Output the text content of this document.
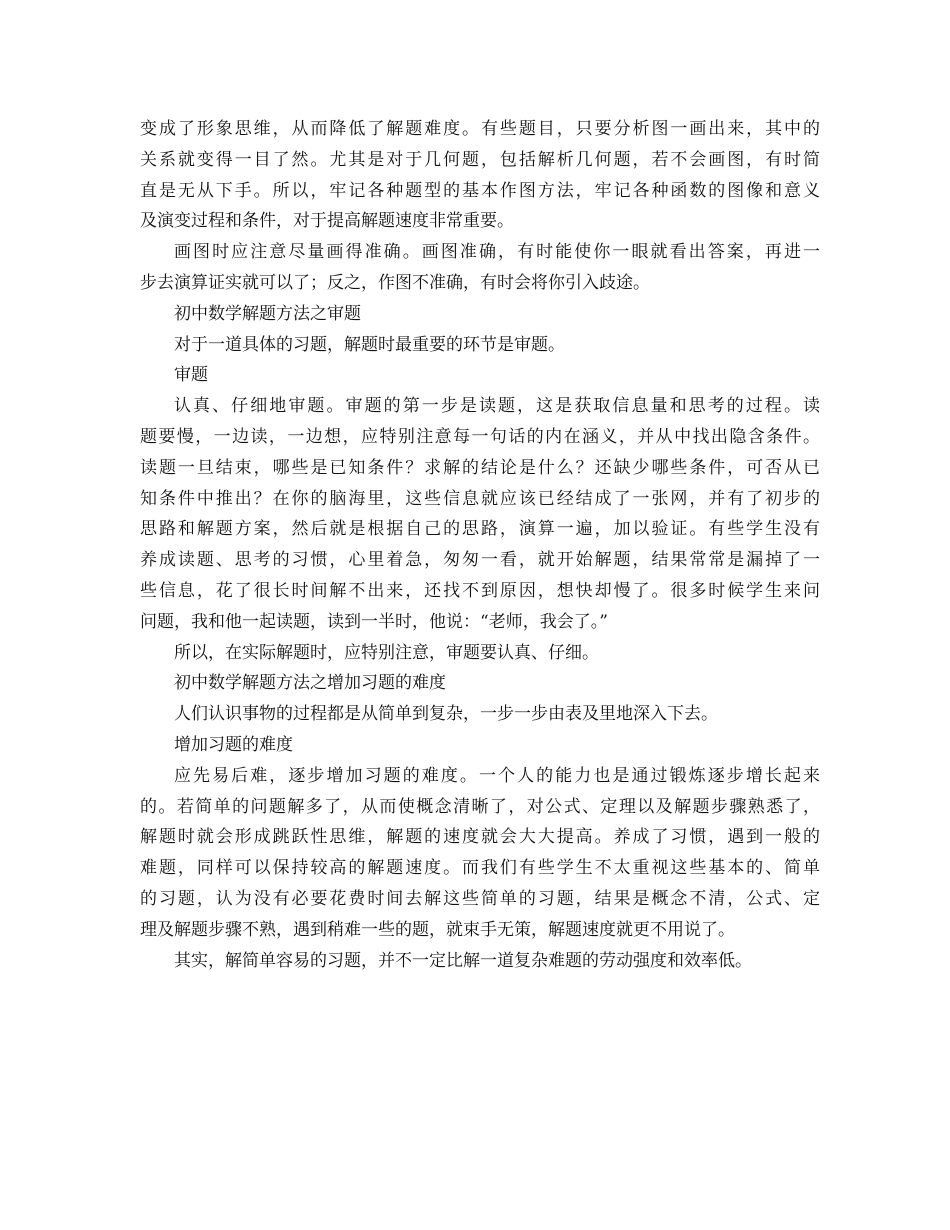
变成了形象思维，从而降低了解题难度。有些题目，只要分析图一画出来，其中的

关系就变得一目了然。尤其是对于几何题，包括解析几何题，若不会画图，有时简

直是无从下手。所以，牢记各种题型的基本作图方法，牢记各种函数的图像和意义

及演变过程和条件，对于提高解题速度非常重要。

画图时应注意尽量画得准确。画图准确，有时能使你一眼就看出答案，再进一

步去演算证实就可以了；反之，作图不准确，有时会将你引入歧途。

初中数学解题方法之审题

对于一道具体的习题，解题时最重要的环节是审题。

审题

认真、仔细地审题。审题的第一步是读题，这是获取信息量和思考的过程。读

题要慢，一边读，一边想，应特别注意每一句话的内在涵义，并从中找出隐含条件。

读题一旦结束，哪些是已知条件？求解的结论是什么？还缺少哪些条件，可否从已

知条件中推出？在你的脑海里，这些信息就应该已经结成了一张网，并有了初步的

思路和解题方案，然后就是根据自己的思路，演算一遍，加以验证。有些学生没有

养成读题、思考的习惯，心里着急，匆匆一看，就开始解题，结果常常是漏掉了一

些信息，花了很长时间解不出来，还找不到原因，想快却慢了。很多时候学生来问

问题，我和他一起读题，读到一半时，他说：“老师，我会了。”

所以，在实际解题时，应特别注意，审题要认真、仔细。

初中数学解题方法之增加习题的难度

人们认识事物的过程都是从简单到复杂，一步一步由表及里地深入下去。

增加习题的难度

应先易后难，逐步增加习题的难度。一个人的能力也是通过锻炼逐步增长起来

的。若简单的问题解多了，从而使概念清晰了，对公式、定理以及解题步骤熟悉了，

解题时就会形成跳跃性思维，解题的速度就会大大提高。养成了习惯，遇到一般的

难题，同样可以保持较高的解题速度。而我们有些学生不太重视这些基本的、简单

的习题，认为没有必要花费时间去解这些简单的习题，结果是概念不清，公式、定

理及解题步骤不熟，遇到稍难一些的题，就束手无策，解题速度就更不用说了。

其实，解简单容易的习题，并不一定比解一道复杂难题的劳动强度和效率低。
